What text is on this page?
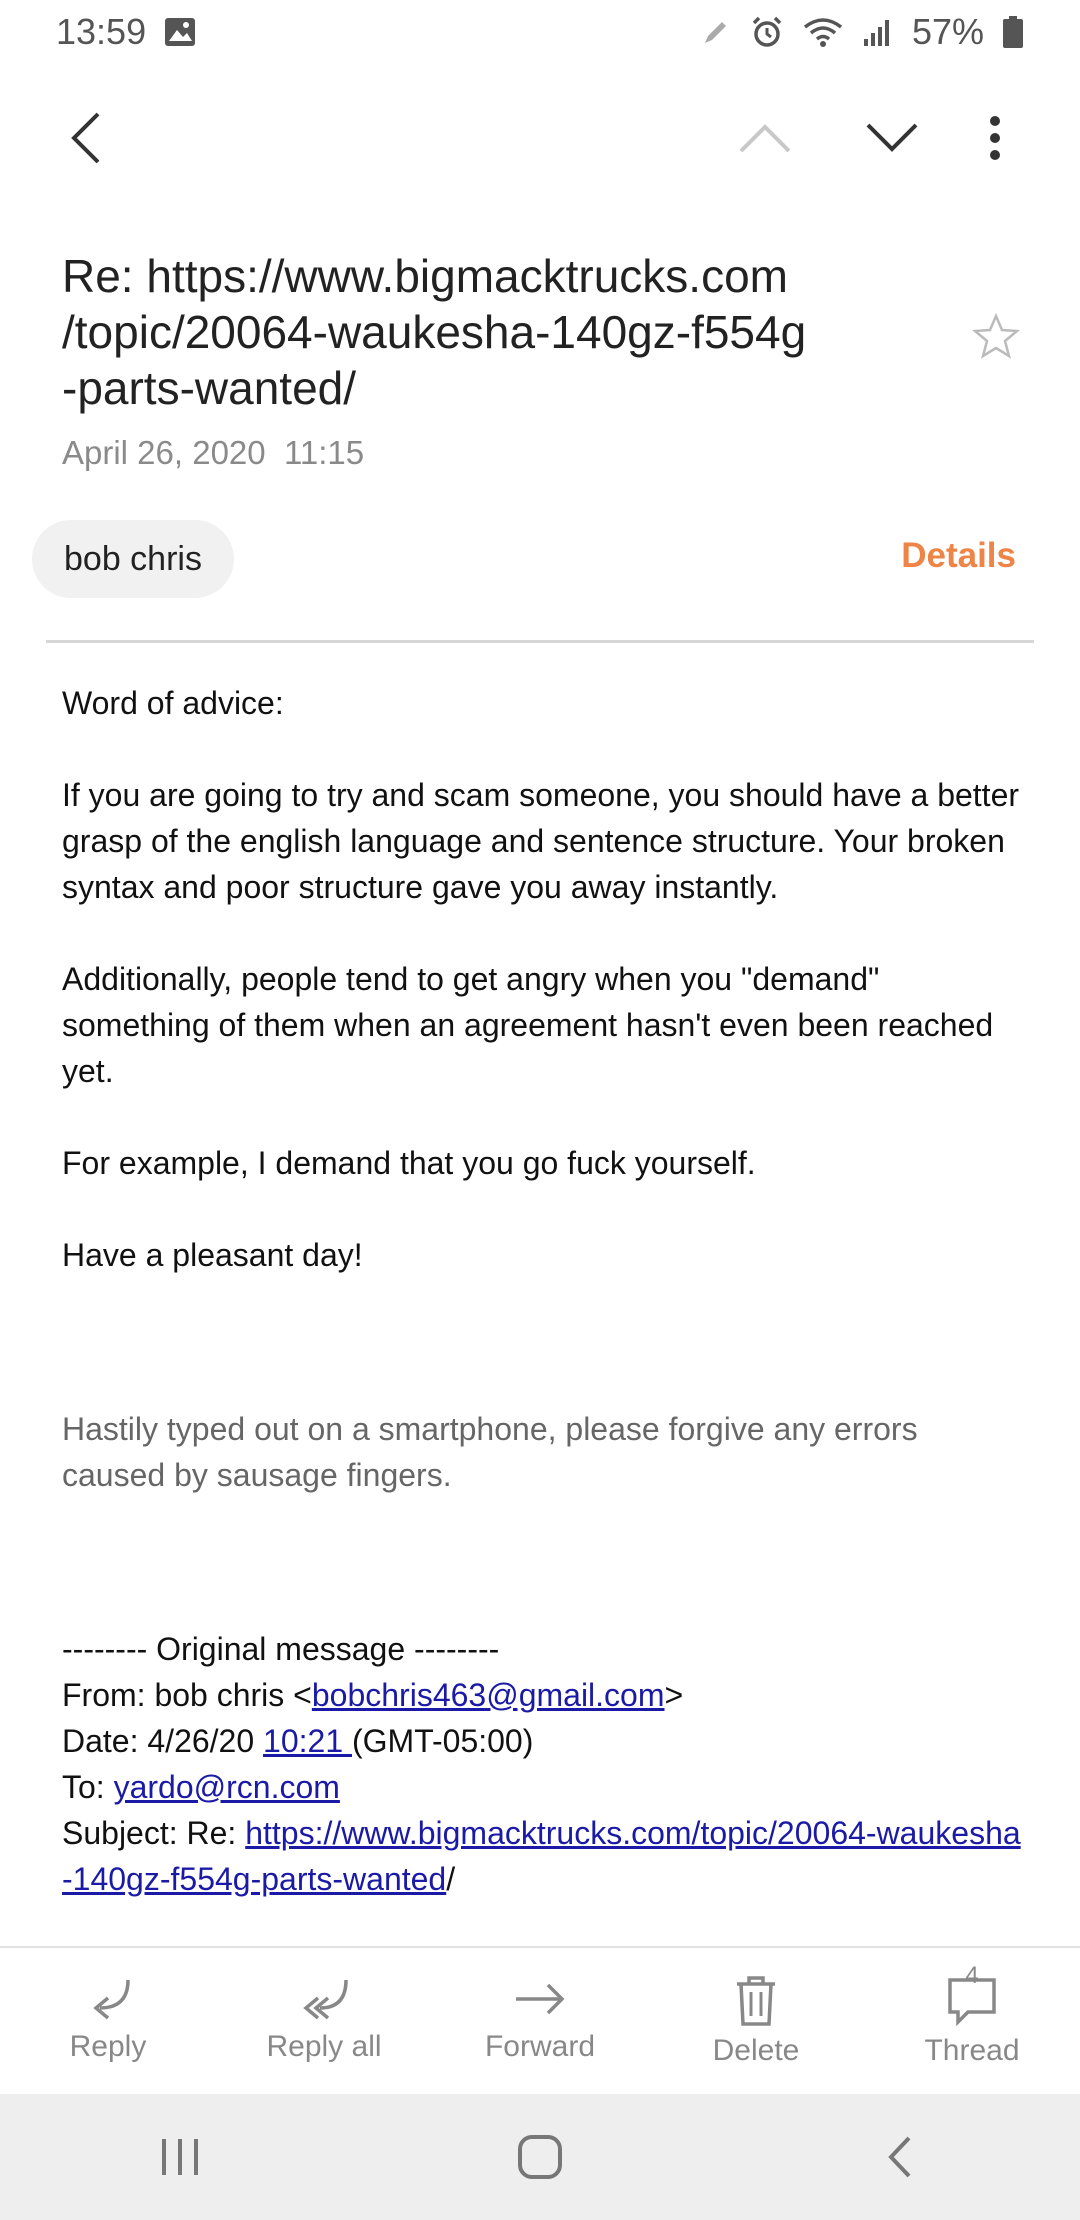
13:59	57%
Re: https://www.bigmacktrucks.com
/topic/20064-waukesha-140gz-f554g
-parts-wanted/
April 26, 2020  11:15
bob chris	Details

Word of advice:

If you are going to try and scam someone, you should have a better grasp of the english language and sentence structure. Your broken syntax and poor structure gave you away instantly.

Additionally, people tend to get angry when you "demand" something of them when an agreement hasn't even been reached yet.

For example, I demand that you go fuck yourself.

Have a pleasant day!

Hastily typed out on a smartphone, please forgive any errors caused by sausage fingers.

-------- Original message --------

From: bob chris <bobchris463@gmail.com>

Date: 4/26/20 10:21 (GMT-05:00)

To: yardo@rcn.com

Subject: Re: https://www.bigmacktrucks.com/topic/20064-waukesha-140gz-f554g-parts-wanted/

Reply	Reply all	Forward	Delete
4
Thread
